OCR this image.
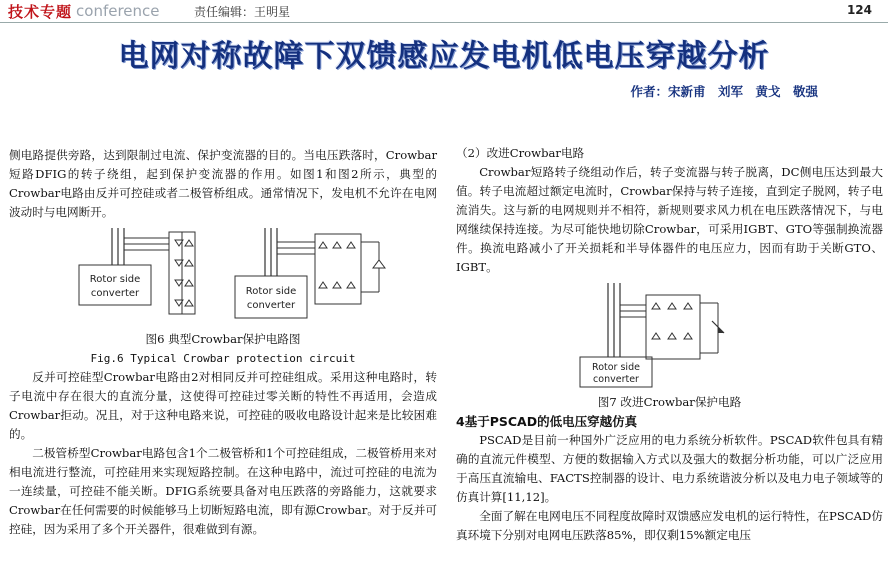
技术专题 conference	责任编辑：王明星	124
电网对称故障下双馈感应发电机低电压穿越分析
作者：宋新甫　刘军　黄戈　敬强

侧电路提供旁路，达到限制过电流、保护变流器的目的。当电压跌落时，Crowbar短路DFIG的转子绕组，起到保护变流器的作用。如图1和图2所示，典型的Crowbar电路由反并可控硅或者二极管桥组成。通常情况下，发电机不允许在电网波动时与电网断开。

Rotor side
converter	Rotor side
converter

图6 典型Crowbar保护电路图

Fig.6 Typical Crowbar protection circuit

反并可控硅型Crowbar电路由2对相同反并可控硅组成。采用这种电路时，转子电流中存在很大的直流分量，这使得可控硅过零关断的特性不再适用，会造成Crowbar拒动。况且，对于这种电路来说，可控硅的吸收电路设计起来是比较困难的。

二极管桥型Crowbar电路包含1个二极管桥和1个可控硅组成，二极管桥用来对相电流进行整流，可控硅用来实现短路控制。在这种电路中，流过可控硅的电流为一连续量，可控硅不能关断。DFIG系统要具备对电压跌落的旁路能力，这就要求Crowbar在任何需要的时候能够马上切断短路电流，即有源Crowbar。对于反并可控硅，因为采用了多个开关器件，很难做到有源。

（2）改进Crowbar电路

Crowbar短路转子绕组动作后，转子变流器与转子脱离，DC侧电压达到最大值。转子电流超过额定电流时，Crowbar保持与转子连接，直到定子脱网，转子电流消失。这与新的电网规则并不相符，新规则要求风力机在电压跌落情况下，与电网继续保持连接。为尽可能快地切除Crowbar，可采用IGBT、GTO等强制换流器件。换流电路减小了开关损耗和半导体器件的电压应力，因而有助于关断GTO、IGBT。

Rotor side
converter

图7 改进Crowbar保护电路

4基于PSCAD的低电压穿越仿真

PSCAD是目前一种国外广泛应用的电力系统分析软件。PSCAD软件包具有精确的直流元件模型、方便的数据输入方式以及强大的数据分析功能，可以广泛应用于高压直流输电、FACTS控制器的设计、电力系统谐波分析以及电力电子领域等的仿真计算[11,12]。

全面了解在电网电压不同程度故障时双馈感应发电机的运行特性，在PSCAD仿真环境下分别对电网电压跌落85%，即仅剩15%额定电压
